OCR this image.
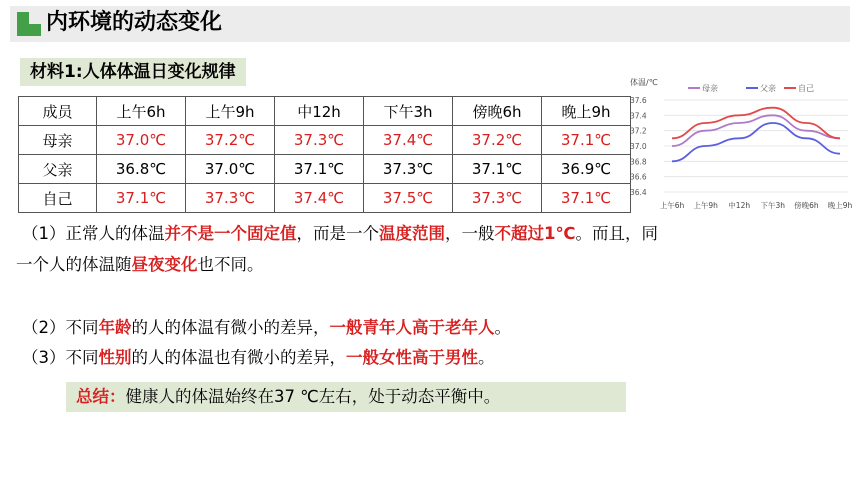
内环境的动态变化
材料1:人体体温日变化规律
成员	上午6h	上午9h	中12h	下午3h	傍晚6h	晚上9h
母亲	37.0℃	37.2℃	37.3℃	37.4℃	37.2℃	37.1℃
父亲	36.8℃	37.0℃	37.1℃	37.3℃	37.1℃	36.9℃
自己	37.1℃	37.3℃	37.4℃	37.5℃	37.3℃	37.1℃
体温/℃
37.6
37.4
37.2
37.0
36.8
36.6
36.4
上午6h 上午9h 中12h 下午3h 傍晚6h 晚上9h
母亲	父亲	自己
（1）正常人的体温并不是一个固定值，而是一个温度范围，一般不超过1℃。而且，同
一个人的体温随昼夜变化也不同。
（2）不同年龄的人的体温有微小的差异，一般青年人高于老年人。
（3）不同性别的人的体温也有微小的差异，一般女性高于男性。
总结：健康人的体温始终在37 ℃左右，处于动态平衡中。
